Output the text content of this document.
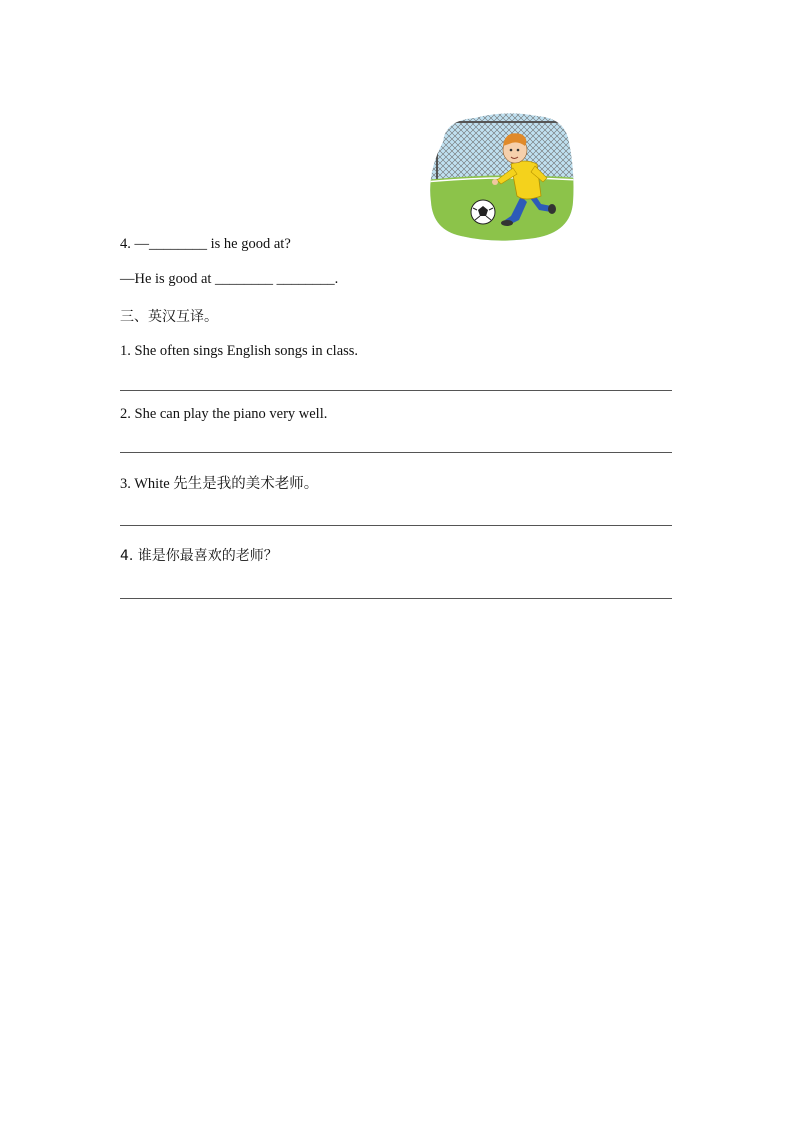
4. —________ is he good at?
—He is good at ________ ________.
三、英汉互译。
1. She often sings English songs in class.
2. She can play the piano very well.
3. White 先生是我的美术老师。
4. 谁是你最喜欢的老师？
